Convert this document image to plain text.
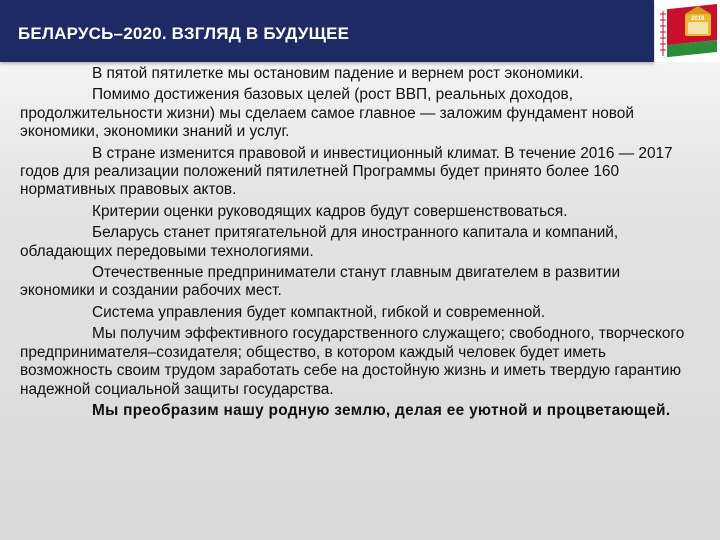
БЕЛАРУСЬ–2020. ВЗГЛЯД В БУДУЩЕЕ
2016

В пятой пятилетке мы остановим падение и вернем рост экономики.

Помимо достижения базовых целей (рост ВВП, реальных доходов, продолжительности жизни) мы сделаем самое главное — заложим фундамент новой экономики, экономики знаний и услуг.

В стране изменится правовой и инвестиционный климат. В течение 2016 — 2017 годов для реализации положений пятилетней Программы будет принято более 160 нормативных правовых актов.

Критерии оценки руководящих кадров будут совершенствоваться.

Беларусь станет притягательной для иностранного капитала и компаний, обладающих передовыми технологиями.

Отечественные предприниматели станут главным двигателем в развитии экономики и создании рабочих мест.

Система управления будет компактной, гибкой и современной.

Мы получим эффективного государственного служащего; свободного, творческого предпринимателя–созидателя; общество, в котором каждый человек будет иметь возможность своим трудом заработать себе на достойную жизнь и иметь твердую гарантию надежной социальной защиты государства.

Мы преобразим нашу родную землю, делая ее уютной и процветающей.
